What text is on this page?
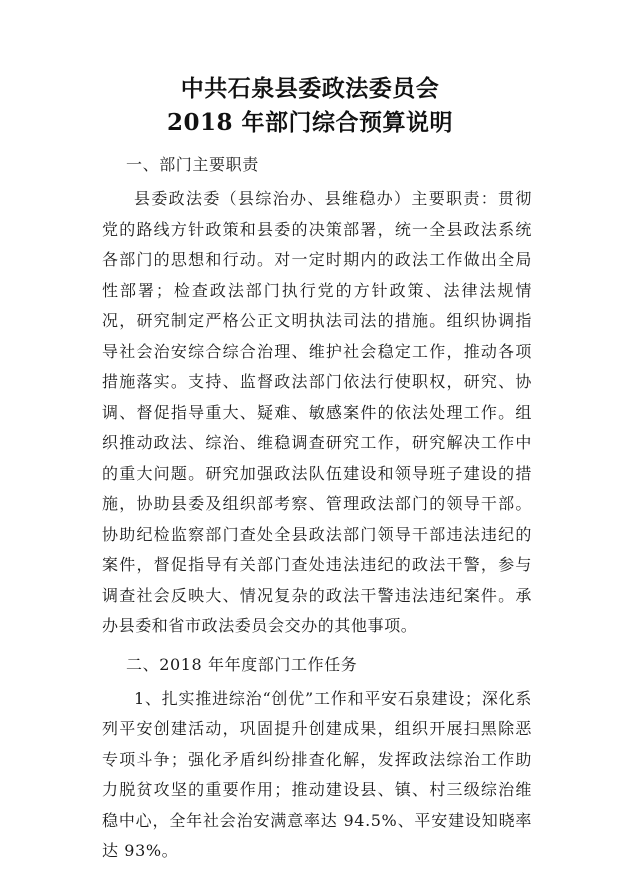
中共石泉县委政法委员会
2018 年部门综合预算说明
一、部门主要职责

县委政法委（县综治办、县维稳办）主要职责：贯彻党的路线方针政策和县委的决策部署，统一全县政法系统各部门的思想和行动。对一定时期内的政法工作做出全局性部署；检查政法部门执行党的方针政策、法律法规情况，研究制定严格公正文明执法司法的措施。组织协调指导社会治安综合综合治理、维护社会稳定工作，推动各项措施落实。支持、监督政法部门依法行使职权，研究、协调、督促指导重大、疑难、敏感案件的依法处理工作。组织推动政法、综治、维稳调查研究工作，研究解决工作中的重大问题。研究加强政法队伍建设和领导班子建设的措施，协助县委及组织部考察、管理政法部门的领导干部。协助纪检监察部门查处全县政法部门领导干部违法违纪的案件，督促指导有关部门查处违法违纪的政法干警，参与调查社会反映大、情况复杂的政法干警违法违纪案件。承办县委和省市政法委员会交办的其他事项。

二、2018 年年度部门工作任务

1、扎实推进综治“创优”工作和平安石泉建设；深化系列平安创建活动，巩固提升创建成果，组织开展扫黑除恶专项斗争；强化矛盾纠纷排查化解，发挥政法综治工作助力脱贫攻坚的重要作用；推动建设县、镇、村三级综治维稳中心，全年社会治安满意率达 94.5%、平安建设知晓率达 93%。
